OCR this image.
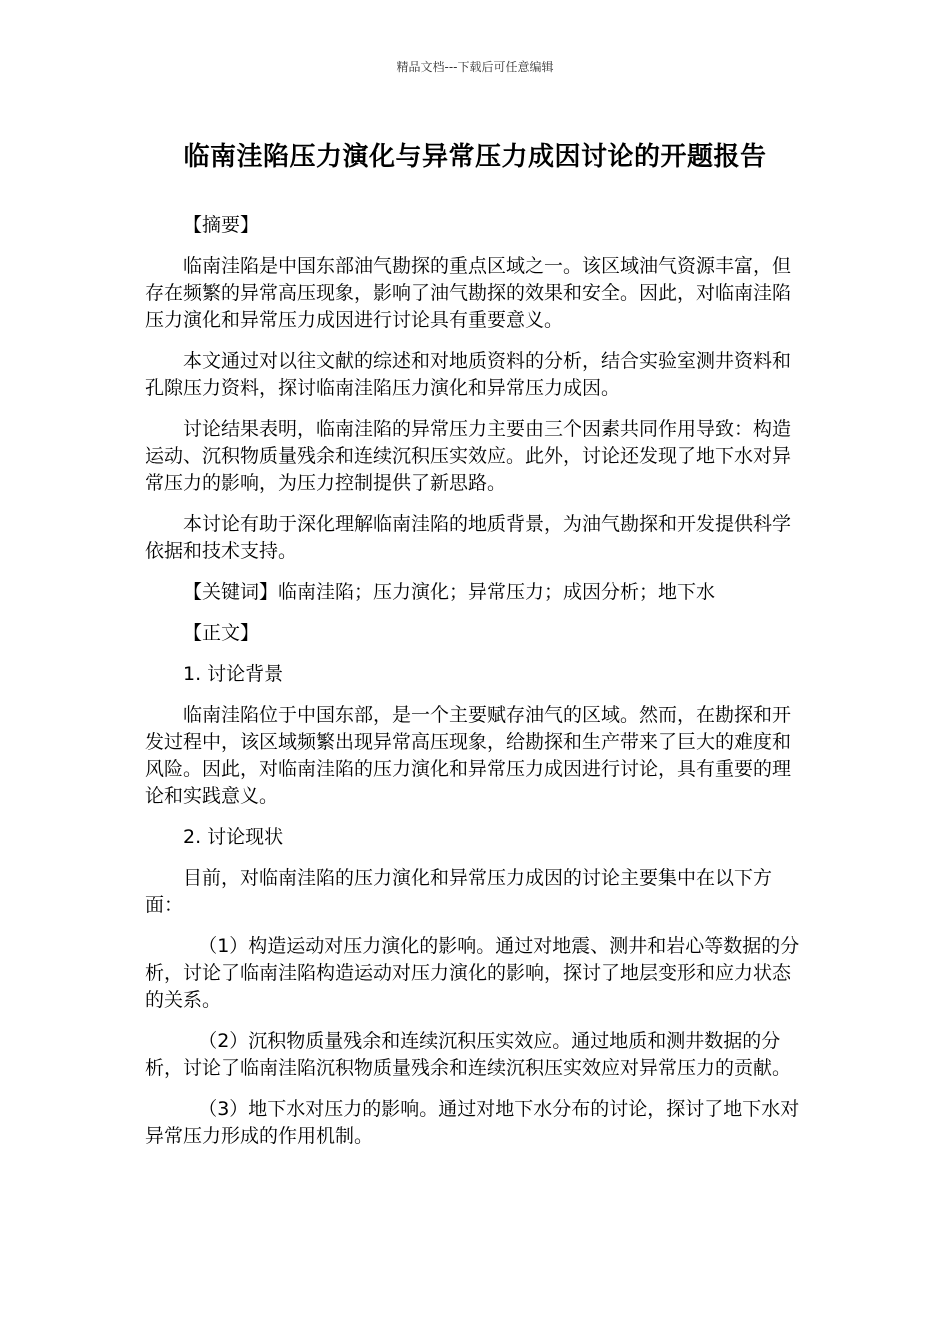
精品文档---下载后可任意编辑
临南洼陷压力演化与异常压力成因讨论的开题报告

【摘要】

临南洼陷是中国东部油气勘探的重点区域之一。该区域油气资源丰富，但存在频繁的异常高压现象，影响了油气勘探的效果和安全。因此，对临南洼陷压力演化和异常压力成因进行讨论具有重要意义。

本文通过对以往文献的综述和对地质资料的分析，结合实验室测井资料和孔隙压力资料，探讨临南洼陷压力演化和异常压力成因。

讨论结果表明，临南洼陷的异常压力主要由三个因素共同作用导致：构造运动、沉积物质量残余和连续沉积压实效应。此外，讨论还发现了地下水对异常压力的影响，为压力控制提供了新思路。

本讨论有助于深化理解临南洼陷的地质背景，为油气勘探和开发提供科学依据和技术支持。

【关键词】临南洼陷；压力演化；异常压力；成因分析；地下水

【正文】

1. 讨论背景

临南洼陷位于中国东部，是一个主要赋存油气的区域。然而，在勘探和开发过程中，该区域频繁出现异常高压现象，给勘探和生产带来了巨大的难度和风险。因此，对临南洼陷的压力演化和异常压力成因进行讨论，具有重要的理论和实践意义。

2. 讨论现状

目前，对临南洼陷的压力演化和异常压力成因的讨论主要集中在以下方面：

（1）构造运动对压力演化的影响。通过对地震、测井和岩心等数据的分析，讨论了临南洼陷构造运动对压力演化的影响，探讨了地层变形和应力状态的关系。

（2）沉积物质量残余和连续沉积压实效应。通过地质和测井数据的分析，讨论了临南洼陷沉积物质量残余和连续沉积压实效应对异常压力的贡献。

（3）地下水对压力的影响。通过对地下水分布的讨论，探讨了地下水对异常压力形成的作用机制。
